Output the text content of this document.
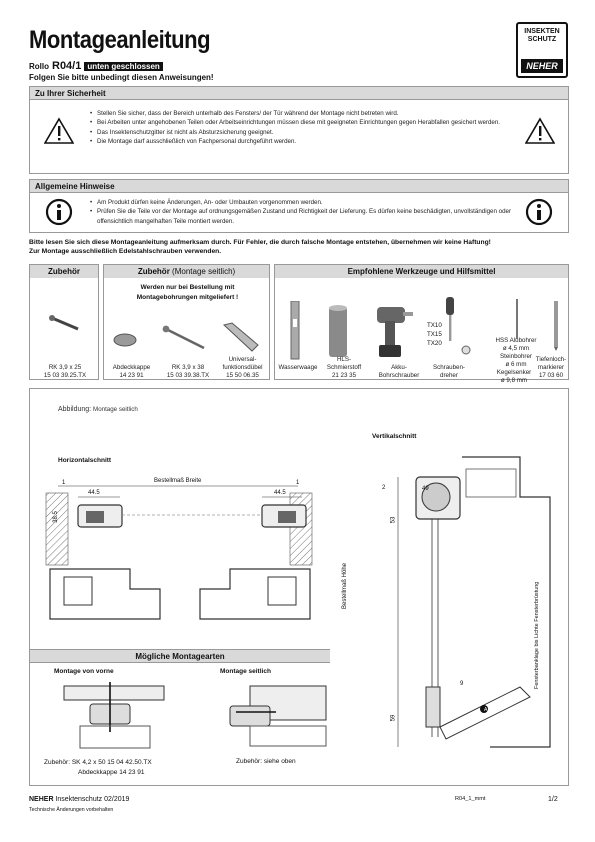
Montageanleitung
Rollo R04/1 unten geschlossen
Folgen Sie bitte unbedingt diesen Anweisungen!
INSEKTEN
SCHUTZ
NEHER
Zu Ihrer Sicherheit
• Stellen Sie sicher, dass der Bereich unterhalb des Fensters/ der Tür während der Montage nicht betreten wird.
• Bei Arbeiten unter angehobenen Teilen oder Arbeitseinrichtungen müssen diese mit geeigneten Einrichtungen gegen Herabfallen gesichert werden.
• Das Insektenschutzgitter ist nicht als Absturzsicherung geeignet.
• Die Montage darf ausschließlich von Fachpersonal durchgeführt werden.
Allgemeine Hinweise
• Am Produkt dürfen keine Änderungen, An- oder Umbauten vorgenommen werden.
• Prüfen Sie die Teile vor der Montage auf ordnungsgemäßen Zustand und Richtigkeit der Lieferung. Es dürfen keine beschädigten, unvollständigen oder offensichtlich mangelhaften Teile montiert werden.
Bitte lesen Sie sich diese Montageanleitung aufmerksam durch. Für Fehler, die durch falsche Montage entstehen, übernehmen wir keine Haftung!
Zur Montage ausschließlich Edelstahlschrauben verwenden.
Zubehör
RK 3,9 x 25
15 03 39.25.TX
Zubehör (Montage seitlich)
Werden nur bei Bestellung mit Montagebohrungen mitgeliefert !
Abdeckkappe
14 23 91
RK 3,9 x 38
15 03 39.38.TX
Universal-
funktionsdübel
15 50 06.35
Empfohlene Werkzeuge und Hilfsmittel
TX10
TX15
TX20	HSS Alubohrer
ø 4,5 mm
Steinbohrer
ø 6 mm
Wasserwaage
HLS-
Schmierstoff
21 23 35
Akku-
Bohrschrauber
Schrauben-
dreher	Kegelsenker
ø 9,8 mm
Tiefenloch-
markierer
17 03 60
Abbildung: Montage seitlich
Horizontalschnitt
Vertikalschnitt
1	1
Bestellmaß Breite
44.5	44.5
38.5
49
2
53
59
9
A
Bestellmaß Höhe	Fensterbanklage bis Lichte Fensterbrüstung
Mögliche Montagearten
Montage von vorne	Montage seitlich
Zubehör: SK 4,2 x 50 15 04 42.50.TX
Abdeckkappe 14 23 91
Zubehör: siehe oben
NEHER Insektenschutz 02/2019
Technische Änderungen vorbehalten
R04_1_mmt	1/2
